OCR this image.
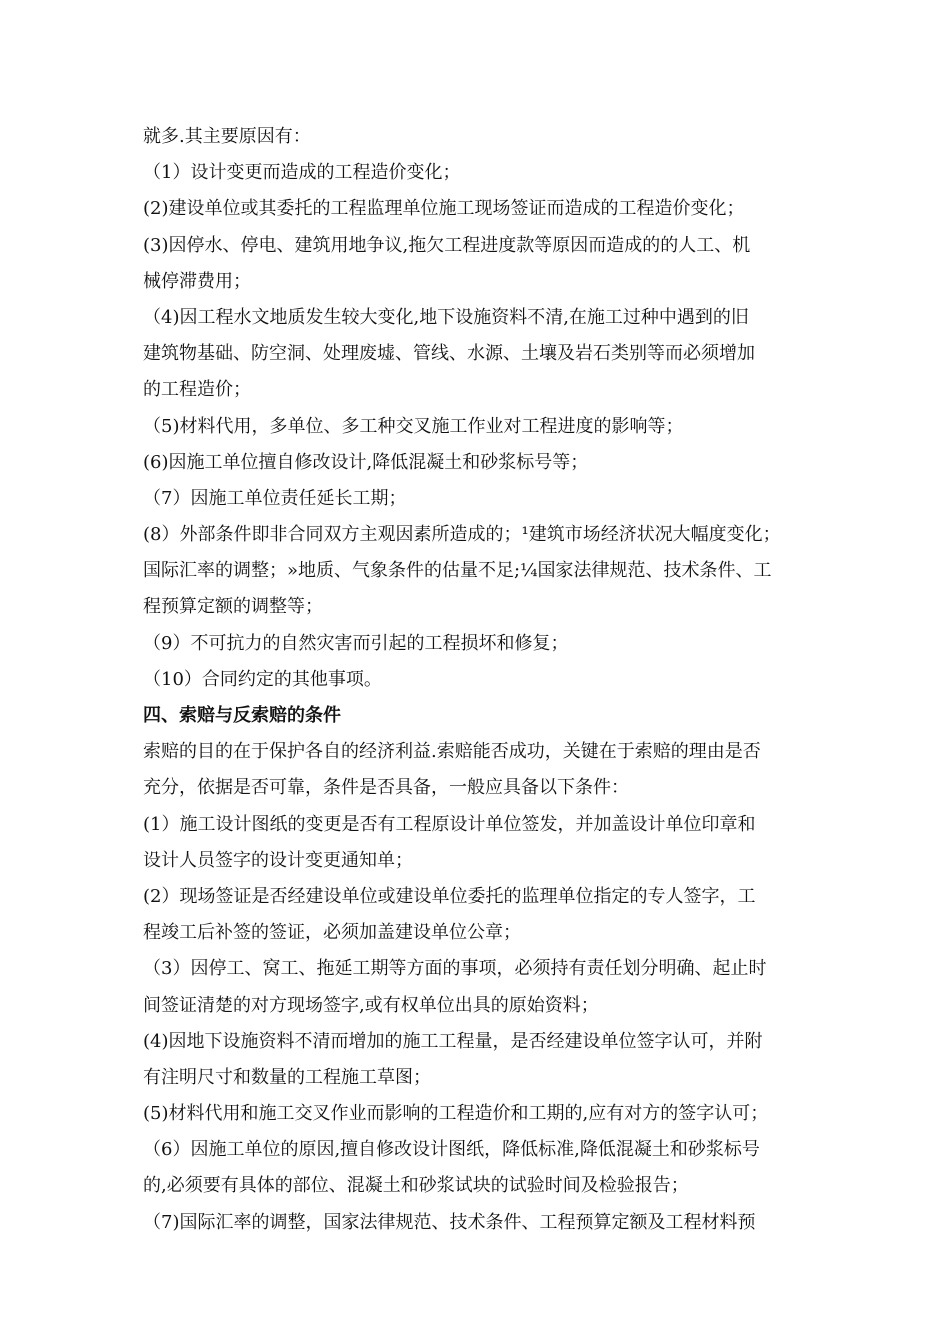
就多.其主要原因有：
（1）设计变更而造成的工程造价变化；
(2)建设单位或其委托的工程监理单位施工现场签证而造成的工程造价变化；
(3)因停水、停电、建筑用地争议,拖欠工程进度款等原因而造成的的人工、机
械停滞费用；
（4)因工程水文地质发生较大变化,地下设施资料不清,在施工过种中遇到的旧
建筑物基础、防空洞、处理废墟、管线、水源、土壤及岩石类别等而必须增加
的工程造价；
（5)材料代用，多单位、多工种交叉施工作业对工程进度的影响等；
(6)因施工单位擅自修改设计,降低混凝土和砂浆标号等；
（7）因施工单位责任延长工期；
(8）外部条件即非合同双方主观因素所造成的；¹建筑市场经济状况大幅度变化；
国际汇率的调整；»地质、气象条件的估量不足;¼国家法律规范、技术条件、工
程预算定额的调整等；
（9）不可抗力的自然灾害而引起的工程损坏和修复；
（10）合同约定的其他事项。
四、索赔与反索赔的条件
索赔的目的在于保护各自的经济利益.索赔能否成功，关键在于索赔的理由是否
充分，依据是否可靠，条件是否具备，一般应具备以下条件：
(1）施工设计图纸的变更是否有工程原设计单位签发，并加盖设计单位印章和
设计人员签字的设计变更通知单；
(2）现场签证是否经建设单位或建设单位委托的监理单位指定的专人签字，工
程竣工后补签的签证，必须加盖建设单位公章；
（3）因停工、窝工、拖延工期等方面的事项，必须持有责任划分明确、起止时
间签证清楚的对方现场签字,或有权单位出具的原始资料；
(4)因地下设施资料不清而增加的施工工程量，是否经建设单位签字认可，并附
有注明尺寸和数量的工程施工草图；
(5)材料代用和施工交叉作业而影响的工程造价和工期的,应有对方的签字认可；
（6）因施工单位的原因,擅自修改设计图纸，降低标准,降低混凝土和砂浆标号
的,必须要有具体的部位、混凝土和砂浆试块的试验时间及检验报告；
（7)国际汇率的调整，国家法律规范、技术条件、工程预算定额及工程材料预
